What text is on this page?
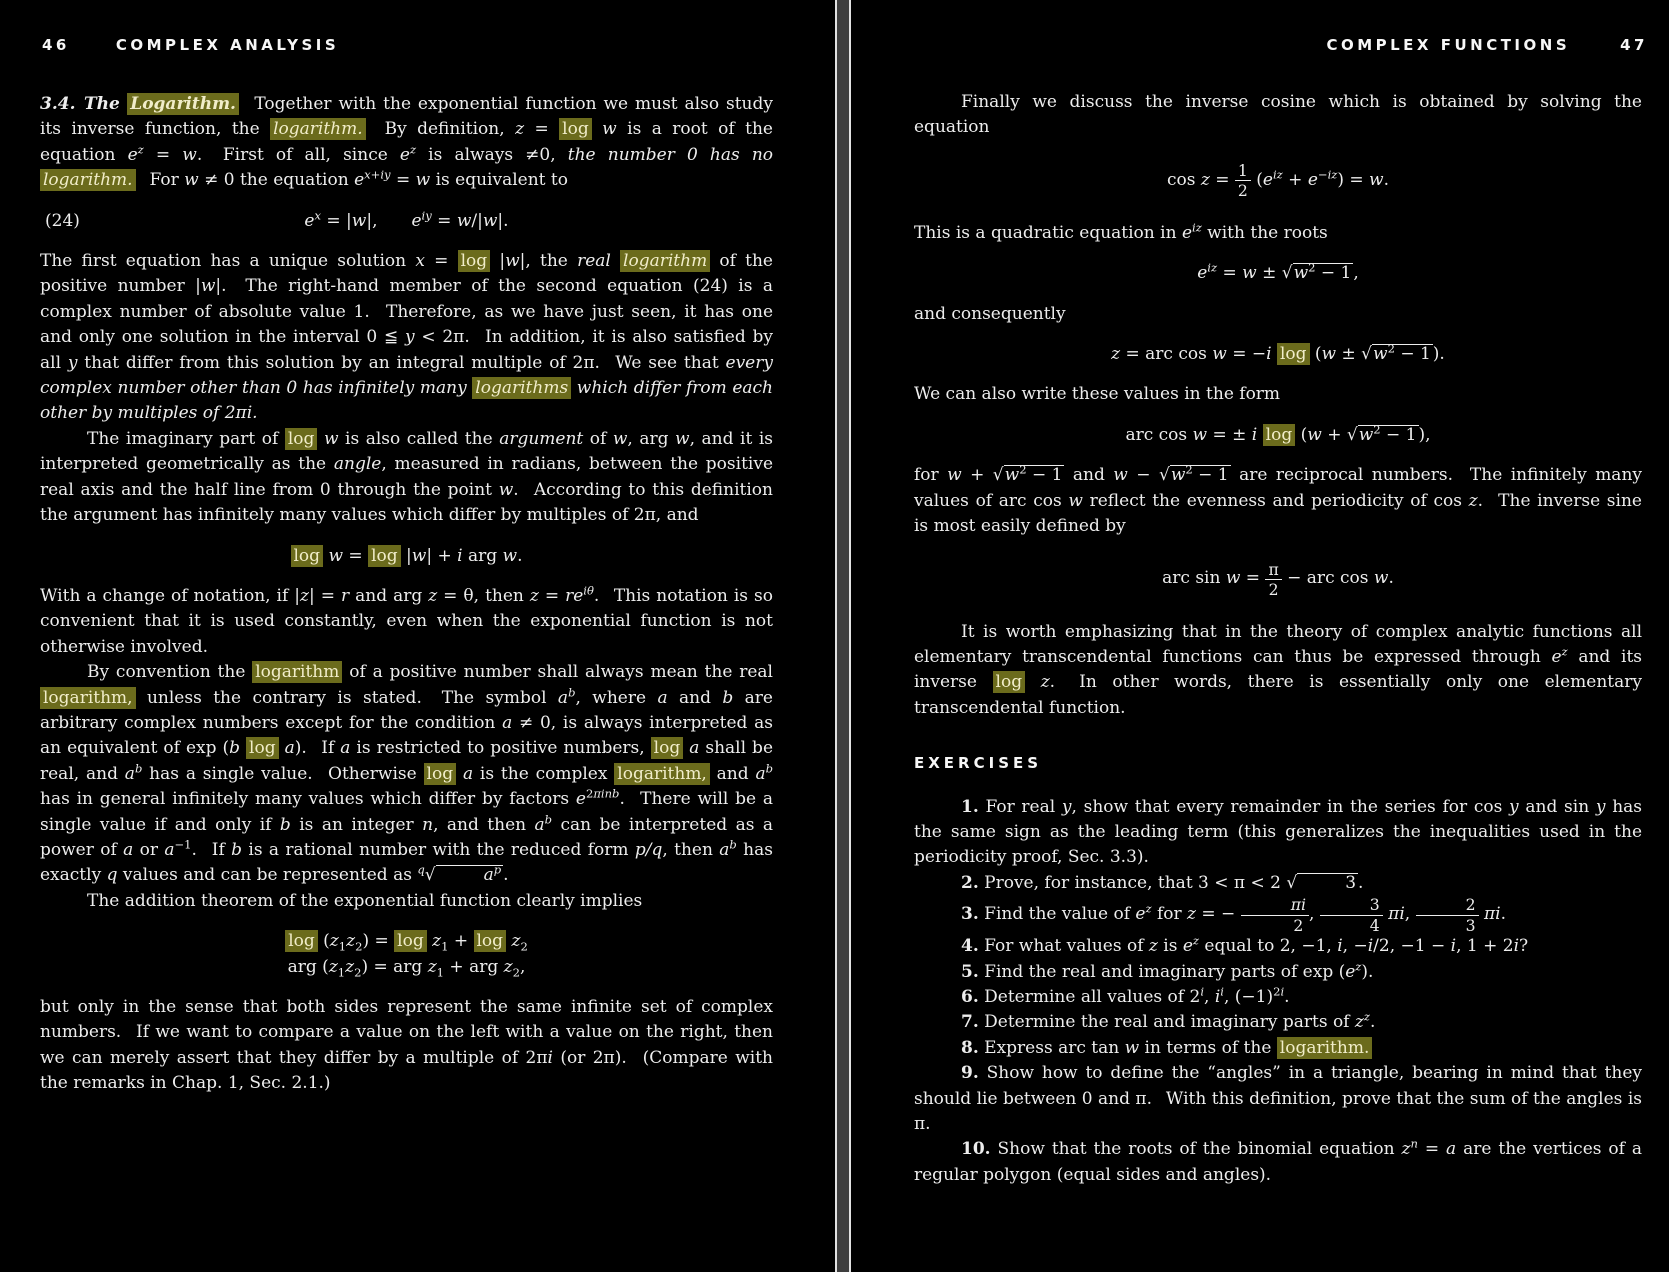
46	COMPLEX ANALYSIS	COMPLEX FUNCTIONS	47

3.4. The Logarithm.  Together with the exponential function we must also study its inverse function, the logarithm.  By definition, z = log w is a root of the equation $e^z = w$.  First of all, since $e^z$ is always ≠0, the number 0 has no logarithm.  For w ≠ 0 the equation $e^{x+iy} = w$ is equivalent to

(24)	$e^x = |w|$,  $e^{iy} = w/|w|$.

The first equation has a unique solution x = log |w|, the real logarithm of the positive number |w|.  The right-hand member of the second equation (24) is a complex number of absolute value 1.  Therefore, as we have just seen, it has one and only one solution in the interval 0 ≦ y < 2π.  In addition, it is also satisfied by all y that differ from this solution by an integral multiple of 2π.  We see that every complex number other than 0 has infinitely many logarithms which differ from each other by multiples of 2πi.

The imaginary part of log w is also called the argument of w, arg w, and it is interpreted geometrically as the angle, measured in radians, between the positive real axis and the half line from 0 through the point w.  According to this definition the argument has infinitely many values which differ by multiples of 2π, and

log w = log |w| + i arg w.

With a change of notation, if |z| = r and arg z = θ, then $z = re^{i\theta}$.  This notation is so convenient that it is used constantly, even when the exponential function is not otherwise involved.

By convention the logarithm of a positive number shall always mean the real logarithm, unless the contrary is stated.  The symbol $a^b$, where a and b are arbitrary complex numbers except for the condition a ≠ 0, is always interpreted as an equivalent of exp (b log a).  If a is restricted to positive numbers, log a shall be real, and $a^b$ has a single value.  Otherwise log a is the complex logarithm, and $a^b$ has in general infinitely many values which differ by factors $e^{2\pi inb}$.  There will be a single value if and only if b is an integer n, and then $a^b$ can be interpreted as a power of a or $a^{-1}$.  If b is a rational number with the reduced form p/q, then $a^b$ has exactly q values and can be represented as $^q$√	$a^p$ .

The addition theorem of the exponential function clearly implies

$\log (z_1z_2) = \log z_1 + \log z_2$
arg $(z_1z_2)$ = arg $z_1$ + arg $z_2$,

but only in the sense that both sides represent the same infinite set of complex numbers.  If we want to compare a value on the left with a value on the right, then we can merely assert that they differ by a multiple of 2πi (or 2π).  (Compare with the remarks in Chap. 1, Sec. 2.1.)

Finally we discuss the inverse cosine which is obtained by solving the equation

$\cos z = \frac{1}{2} (e^{iz} + e^{-iz}) = w$.

This is a quadratic equation in $e^{iz}$ with the roots

$e^{iz} = w \pm √w^2 - 1$ ,

and consequently

z = arc cos w = −i $\log (w \pm √w^2 - 1$ ).

We can also write these values in the form

arc cos w = ± i $\log (w + √w^2 - 1$ ),

for $w + √w^2 - 1$ and $w - √w^2 - 1$ are reciprocal numbers.  The infinitely many values of arc cos w reflect the evenness and periodicity of cos z.  The inverse sine is most easily defined by

arc $\sin w = \frac{\pi}{2}$ − arc cos w.

It is worth emphasizing that in the theory of complex analytic functions all elementary transcendental functions can thus be expressed through $e^z$ and its inverse log z.  In other words, there is essentially only one elementary transcendental function.

EXERCISES

1. For real y, show that every remainder in the series for cos y and sin y has the same sign as the leading term (this generalizes the inequalities used in the periodicity proof, Sec. 3.3).

2. Prove, for instance, that 3 < π < 2 √	3 .

3. Find the value of $e^z$ for z = − $\frac{\pi i}{2}$ , $\frac{3}{4} \pi i$, $\frac{2}{3} \pi i$.

4. For what values of z is $e^z$ equal to 2, −1, i, −i/2, −1 − i, 1 + 2i?

5. Find the real and imaginary parts of $\exp (e^z)$.

6. Determine all values of 2$^i$, $i^i$, $(-1)^{2i}$.

7. Determine the real and imaginary parts of $z^z$.

8. Express arc tan w in terms of the logarithm.

9. Show how to define the “angles” in a triangle, bearing in mind that they should lie between 0 and π.  With this definition, prove that the sum of the angles is π.

10. Show that the roots of the binomial equation $z^n = a$ are the vertices of a regular polygon (equal sides and angles).
